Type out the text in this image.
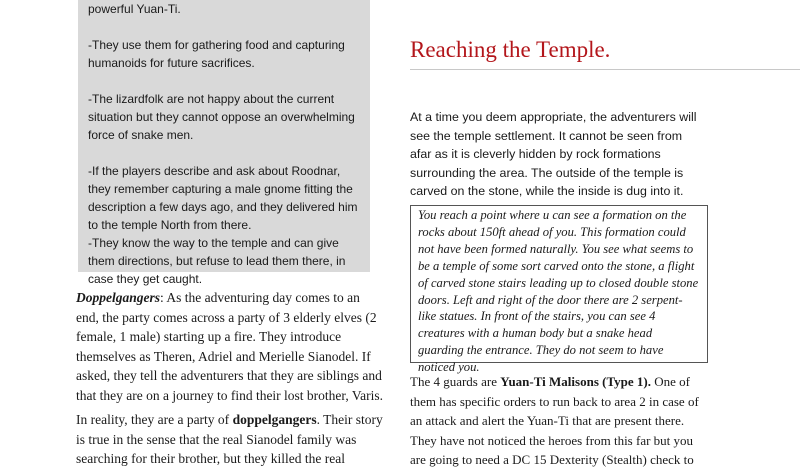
powerful Yuan-Ti.

-They use them for gathering food and capturing humanoids for future sacrifices.

-The lizardfolk are not happy about the current situation but they cannot oppose an overwhelming force of snake men.

-If the players describe and ask about Roodnar, they remember capturing a male gnome fitting the description a few days ago, and they delivered him to the temple North from there.

-They know the way to the temple and can give them directions, but refuse to lead them there, in case they get caught.

Doppelgangers: As the adventuring day comes to an end, the party comes across a party of 3 elderly elves (2 female, 1 male) starting up a fire. They introduce themselves as Theren, Adriel and Merielle Sianodel. If asked, they tell the adventurers that they are siblings and that they are on a journey to find their lost brother, Varis.

In reality, they are a party of doppelgangers. Their story is true in the sense that the real Sianodel family was searching for their brother, but they killed the real

Reaching the Temple.

At a time you deem appropriate, the adventurers will see the temple settlement. It cannot be seen from afar as it is cleverly hidden by rock formations surrounding the area. The outside of the temple is carved on the stone, while the inside is dug into it.

You reach a point where u can see a formation on the rocks about 150ft ahead of you. This formation could not have been formed naturally. You see what seems to be a temple of some sort carved onto the stone, a flight of carved stone stairs leading up to closed double stone doors. Left and right of the door there are 2 serpent-like statues. In front of the stairs, you can see 4 creatures with a human body but a snake head guarding the entrance. They do not seem to have noticed you.

The 4 guards are Yuan-Ti Malisons (Type 1). One of them has specific orders to run back to area 2 in case of an attack and alert the Yuan-Ti that are present there. They have not noticed the heroes from this far but you are going to need a DC 15 Dexterity (Stealth) check to
